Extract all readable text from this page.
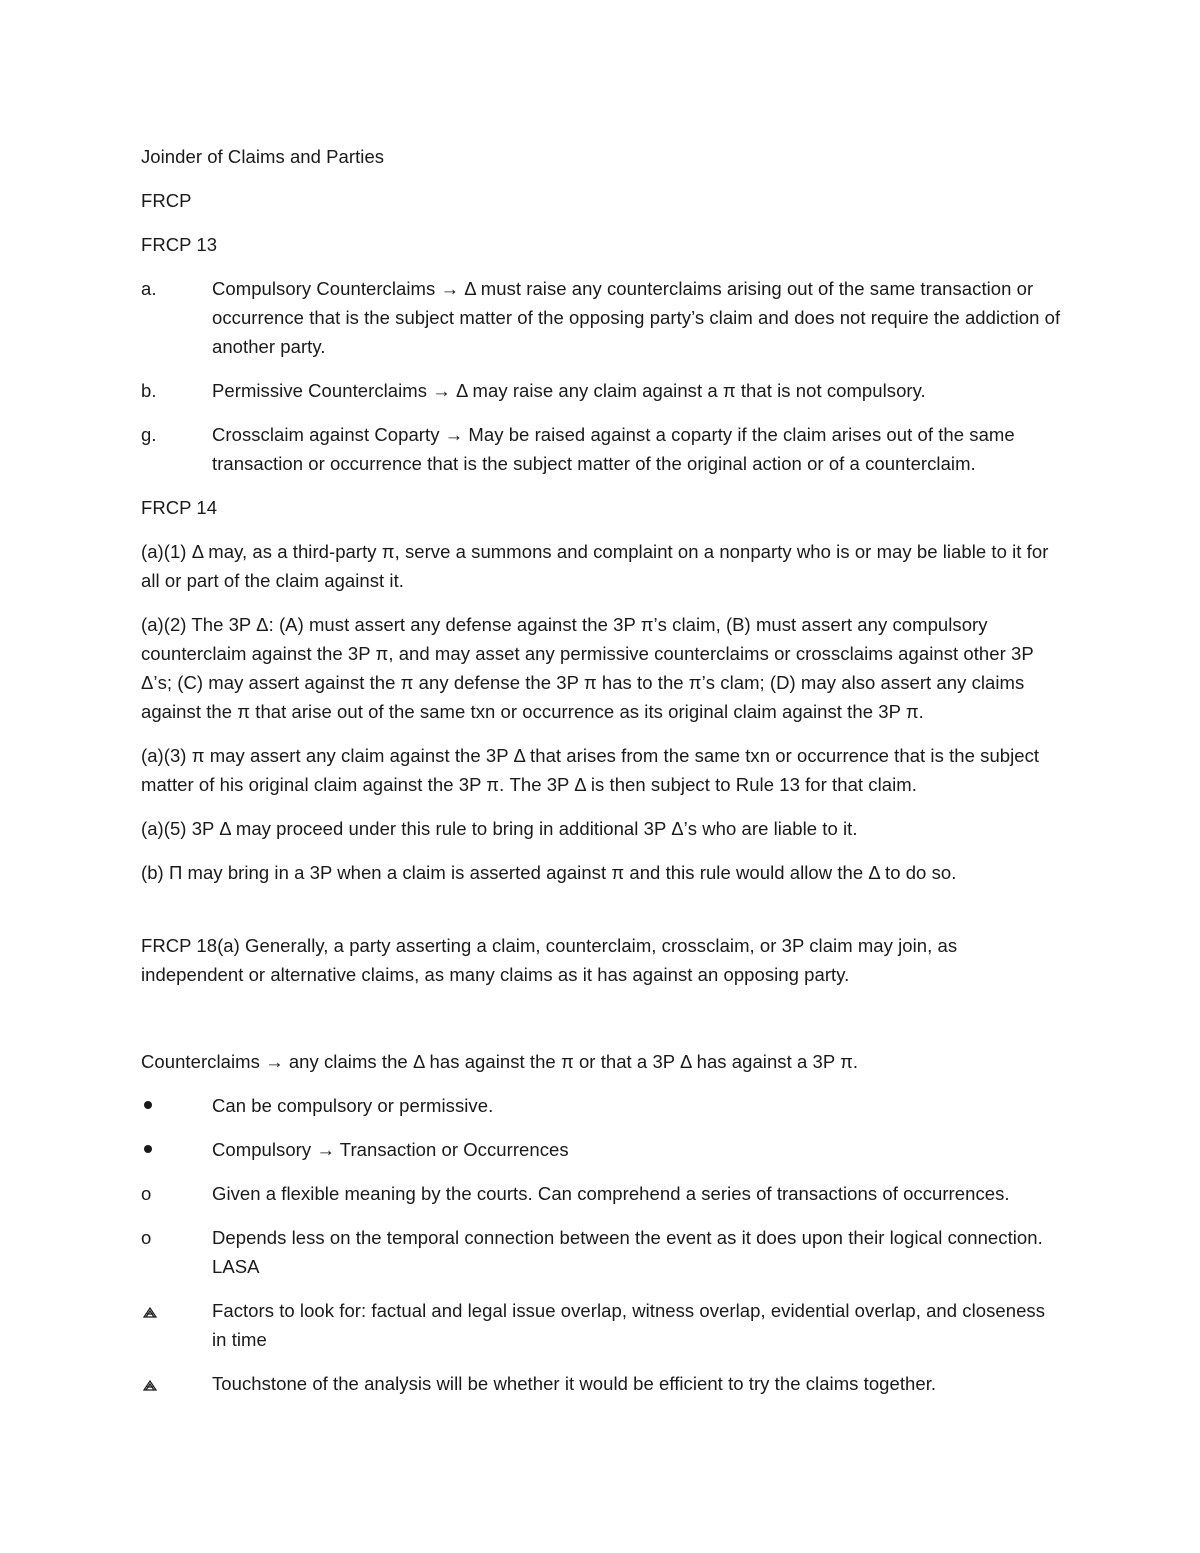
Joinder of Claims and Parties

FRCP

FRCP 13

a.	Compulsory Counterclaims → Δ must raise any counterclaims arising out of the same transaction or occurrence that is the subject matter of the opposing party’s claim and does not require the addiction of another party.

b.	Permissive Counterclaims → Δ may raise any claim against a π that is not compulsory.

g.	Crossclaim against Coparty → May be raised against a coparty if the claim arises out of the same transaction or occurrence that is the subject matter of the original action or of a counterclaim.

FRCP 14

(a)(1) Δ may, as a third-party π, serve a summons and complaint on a nonparty who is or may be liable to it for all or part of the claim against it.

(a)(2) The 3P Δ: (A) must assert any defense against the 3P π’s claim, (B) must assert any compulsory counterclaim against the 3P π, and may asset any permissive counterclaims or crossclaims against other 3P Δ’s; (C) may assert against the π any defense the 3P π has to the π’s clam; (D) may also assert any claims against the π that arise out of the same txn or occurrence as its original claim against the 3P π.

(a)(3) π may assert any claim against the 3P Δ that arises from the same txn or occurrence that is the subject matter of his original claim against the 3P π. The 3P Δ is then subject to Rule 13 for that claim.

(a)(5) 3P Δ may proceed under this rule to bring in additional 3P Δ’s who are liable to it.

(b) Π may bring in a 3P when a claim is asserted against π and this rule would allow the Δ to do so.

FRCP 18(a) Generally, a party asserting a claim, counterclaim, crossclaim, or 3P claim may join, as independent or alternative claims, as many claims as it has against an opposing party.

Counterclaims → any claims the Δ has against the π or that a 3P Δ has against a 3P π.

Can be compulsory or permissive.

Compulsory → Transaction or Occurrences

o	Given a flexible meaning by the courts. Can comprehend a series of transactions of occurrences.

o	Depends less on the temporal connection between the event as it does upon their logical connection. LASA

Factors to look for: factual and legal issue overlap, witness overlap, evidential overlap, and closeness in time

Touchstone of the analysis will be whether it would be efficient to try the claims together.
